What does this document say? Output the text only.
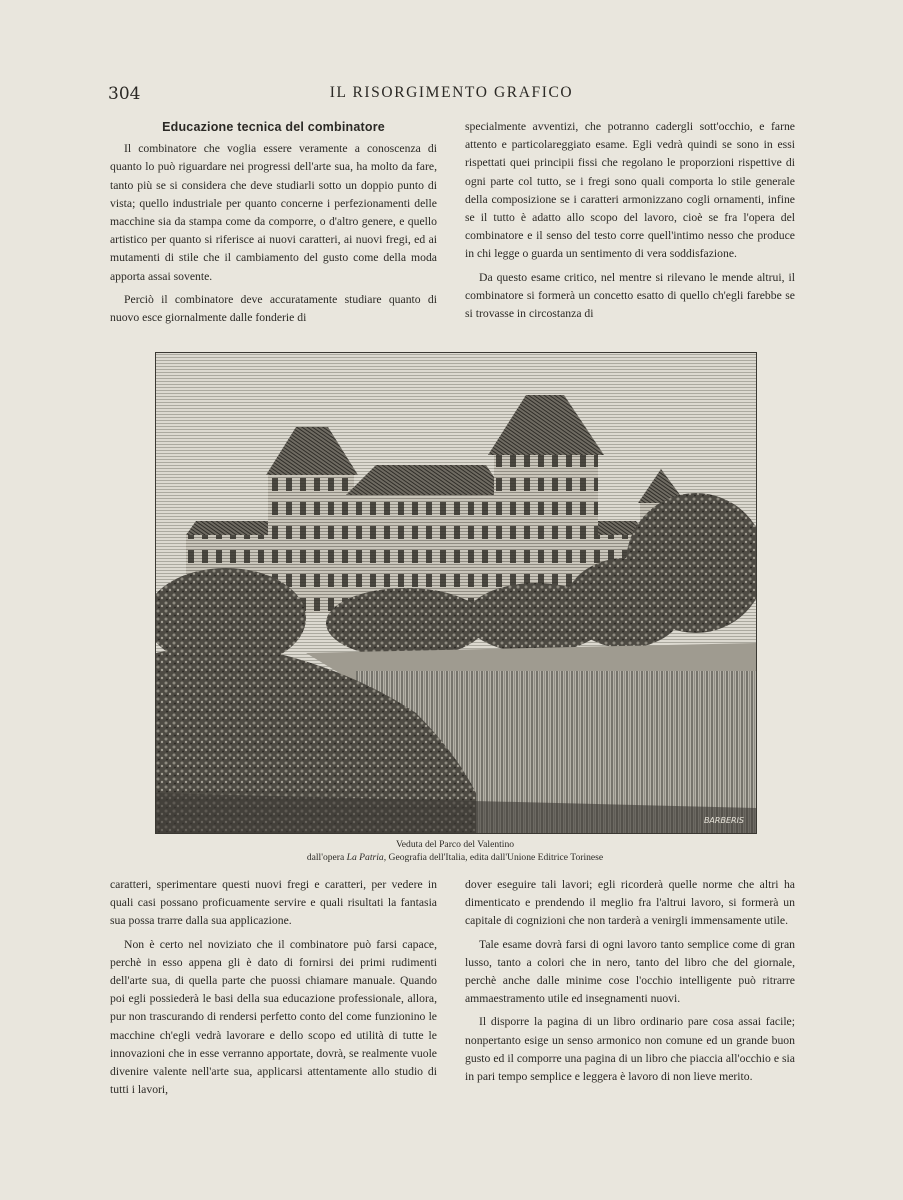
304	IL RISORGIMENTO GRAFICO
Educazione tecnica del combinatore

Il combinatore che voglia essere veramente a conoscenza di quanto lo può riguardare nei progressi dell'arte sua, ha molto da fare, tanto più se si considera che deve studiarli sotto un doppio punto di vista; quello industriale per quanto concerne i perfezionamenti delle macchine sia da stampa come da comporre, o d'altro genere, e quello artistico per quanto si riferisce ai nuovi caratteri, ai nuovi fregi, ed ai mutamenti di stile che il cambiamento del gusto come della moda apporta assai sovente.

Perciò il combinatore deve accuratamente studiare quanto di nuovo esce giornalmente dalle fonderie di

specialmente avventizi, che potranno cadergli sott'occhio, e farne attento e particolareggiato esame. Egli vedrà quindi se sono in essi rispettati quei principii fissi che regolano le proporzioni rispettive di ogni parte col tutto, se i fregi sono quali comporta lo stile generale della composizione se i caratteri armonizzano cogli ornamenti, infine se il tutto è adatto allo scopo del lavoro, cioè se fra l'opera del combinatore e il senso del testo corre quell'intimo nesso che produce in chi legge o guarda un sentimento di vera soddisfazione.

Da questo esame critico, nel mentre si rilevano le mende altrui, il combinatore si formerà un concetto esatto di quello ch'egli farebbe se si trovasse in circostanza di

BARBERIS
Veduta del Parco del Valentino
dall'opera La Patria, Geografia dell'Italia, edita dall'Unione Editrice Torinese

caratteri, sperimentare questi nuovi fregi e caratteri, per vedere in quali casi possano proficuamente servire e quali risultati la fantasia sua possa trarre dalla sua applicazione.

Non è certo nel noviziato che il combinatore può farsi capace, perchè in esso appena gli è dato di fornirsi dei primi rudimenti dell'arte sua, di quella parte che puossi chiamare manuale. Quando poi egli possiederà le basi della sua educazione professionale, allora, pur non trascurando di rendersi perfetto conto del come funzionino le macchine ch'egli vedrà lavorare e dello scopo ed utilità di tutte le innovazioni che in esse verranno apportate, dovrà, se realmente vuole divenire valente nell'arte sua, applicarsi attentamente allo studio di tutti i lavori,

dover eseguire tali lavori; egli ricorderà quelle norme che altri ha dimenticato e prendendo il meglio fra l'altrui lavoro, si formerà un capitale di cognizioni che non tarderà a venirgli immensamente utile.

Tale esame dovrà farsi di ogni lavoro tanto semplice come di gran lusso, tanto a colori che in nero, tanto del libro che del giornale, perchè anche dalle minime cose l'occhio intelligente può ritrarre ammaestramento utile ed insegnamenti nuovi.

Il disporre la pagina di un libro ordinario pare cosa assai facile; nonpertanto esige un senso armonico non comune ed un grande buon gusto ed il comporre una pagina di un libro che piaccia all'occhio e sia in pari tempo semplice e leggera è lavoro di non lieve merito.
